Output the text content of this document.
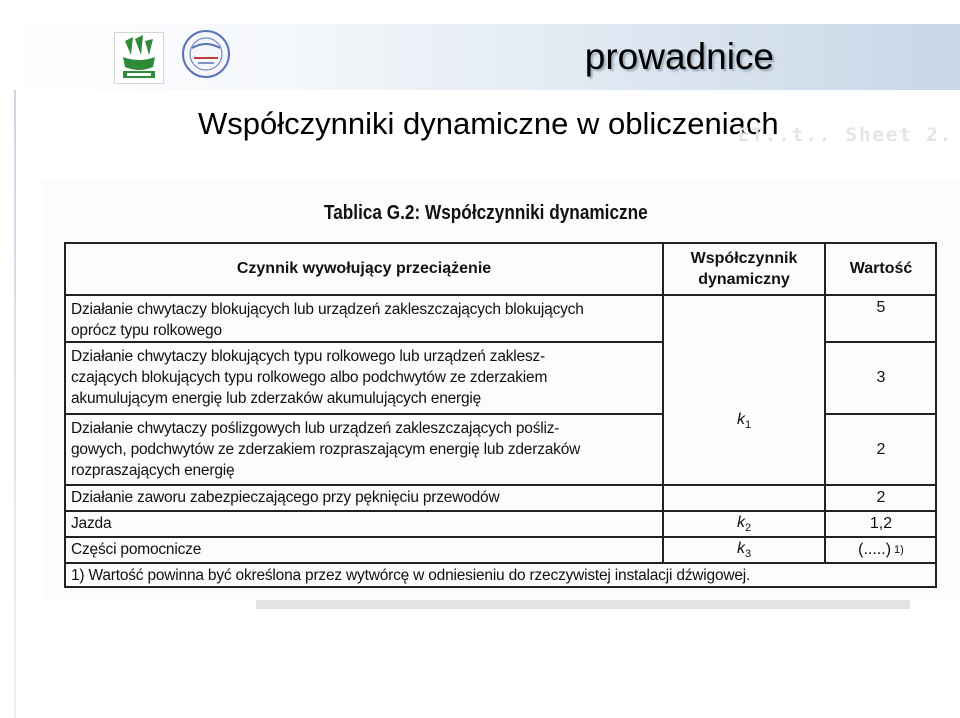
prowadnice
Współczynniki dynamiczne w obliczeniach
ET..t.. Sheet 2.
Tablica G.2: Współczynniki dynamiczne
Czynnik wywołujący przeciążenie
Współczynnik dynamiczny
Wartość
Działanie chwytaczy blokujących lub urządzeń zakleszczających blokujących
oprócz typu rolkowego
Działanie chwytaczy blokujących typu rolkowego lub urządzeń zaklesz-
czających blokujących typu rolkowego albo podchwytów ze zderzakiem
akumulującym energię lub zderzaków akumulujących energię
Działanie chwytaczy poślizgowych lub urządzeń zakleszczających pośliz-
gowych, podchwytów ze zderzakiem rozpraszającym energię lub zderzaków
rozpraszających energię
Działanie zaworu zabezpieczającego przy pęknięciu przewodów
Jazda
Części pomocnicze
$k_1$
$k_2$
$k_3$
5
3
2
2
1,2
(.....) 1)
1) Wartość powinna być określona przez wytwórcę w odniesieniu do rzeczywistej instalacji dźwigowej.
